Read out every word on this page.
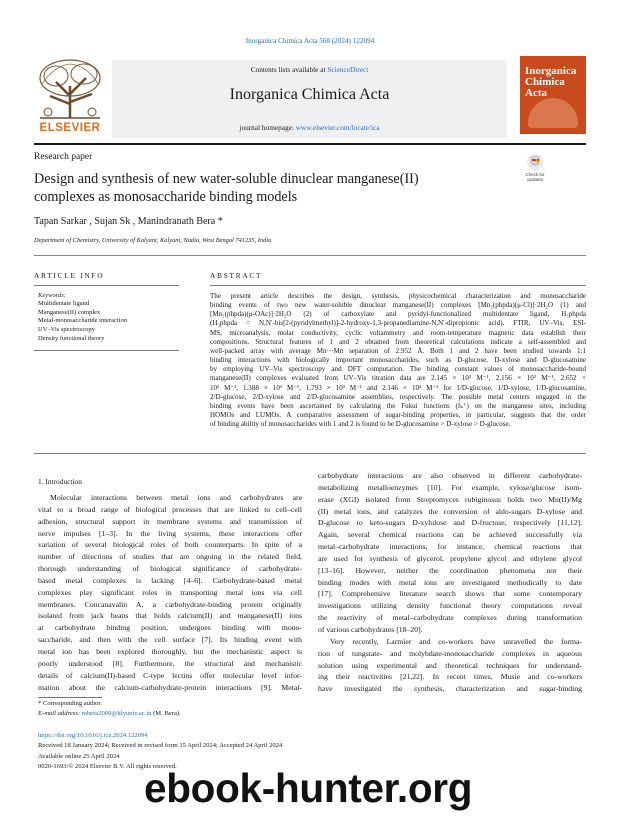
Inorganica Chimica Acta 568 (2024) 122094
ELSEVIER
Contents lists available at ScienceDirect
Inorganica Chimica Acta
journal homepage: www.elsevier.com/locate/ica
Inorganica Chimica Acta
Research paper
Design and synthesis of new water-soluble dinuclear manganese(II)
complexes as monosaccharide binding models
Check for updates
Tapan Sarkar , Sujan Sk , Manindranath Bera *
Department of Chemistry, University of Kalyani, Kalyani, Nadia, West Bengal 741235, India
ARTICLE INFO
Keywords:
Multidentate ligand
Manganese(II) complex
Metal-monosaccharide interaction
UV–Vis spectroscopy
Density functional theory
ABSTRACT
The present article describes the design, synthesis, physicochemical characterization and monosaccharide
binding events of two new water-soluble dinuclear manganese(II) complexes [Mn₂(phpda)(μ-Cl)]·2H₂O (1) and
[Mn₂(phpda)(μ-OAc)]·2H₂O (2) of carboxylate and pyridyl-functionalized multidentate ligand, H₃phpda
(H₃phpda = N,N′-bis[2-(pyridylmethyl)]-2-hydroxy-1,3-propanediamine-N,N′-dipropionic acid). FTIR, UV–Vis, ESI-
MS, microanalysis, molar conductivity, cyclic voltammetry and room-temperature magnetic data establish their
compositions. Structural features of 1 and 2 obtained from theoretical calculations indicate a self-assembled and
well-packed array with average Mn···Mn separation of 2.952 Å. Both 1 and 2 have been studied towards 1:1
binding interactions with biologically important monosaccharides, such as D-glucose, D-xylose and D-glucosamine
by employing UV–Vis spectroscopy and DFT computation. The binding constant values of monosaccharide-bound
manganese(II) complexes evaluated from UV–Vis titration data are 2.145 × 10³ M⁻¹, 2.156 × 10³ M⁻¹, 2.652 ×
10³ M⁻¹, 1.388 × 10³ M⁻¹, 1.793 × 10³ M⁻¹ and 2.146 × 10³ M⁻¹ for 1/D-glucose, 1/D-xylose, 1/D-glucosamine,
2/D-glucose, 2/D-xylose and 2/D-glucosamine assemblies, respectively. The possible metal centers engaged in the
binding events have been ascertained by calculating the Fukui functions (fₖ⁺) on the manganese sites, including
HOMOs and LUMOs. A comparative assessment of sugar-binding properties, in particular, suggests that the order
of binding ability of monosaccharides with 1 and 2 is found to be D-glucosamine > D-xylose > D-glucose.
1. Introduction
Molecular interactions between metal ions and carbohydrates are
vital to a broad range of biological processes that are linked to cell–cell
adhesion, structural support in membrane systems and transmission of
nerve impulses [1–3]. In the living systems, these interactions offer
variation of several biological roles of both counterparts. In spite of a
number of directions of studies that are ongoing in the related field,
thorough understanding of biological significance of carbohydrate-
based metal complexes is lacking [4–6]. Carbohydrate-based metal
complexes play significant roles in transporting metal ions via cell
membranes. Concanavalin A, a carbohydrate-binding protein originally
isolated from jack beans that holds calcium(II) and manganese(II) ions
at carbohydrate binding position, undergoes binding with mono-
saccharide, and then with the cell surface [7]. Its binding event with
metal ion has been explored thoroughly, but the mechanistic aspect is
poorly understood [8]. Furthermore, the structural and mechanistic
details of calcium(II)-based C-type lectins offer molecular level infor-
mation about the calcium-carbohydrate-protein interactions [9]. Metal-
carbohydrate interactions are also observed in different carbohydrate-
metabolizing metalloenzymes [10]. For example, xylose/glucose isom-
erase (XGI) isolated from Streptomyces rubiginosus holds two Mn(II)/Mg
(II) metal ions, and catalyzes the conversion of aldo-sugars D-xylose and
D-glucose to keto-sugars D-xylulose and D-fructose, respectively [11,12].
Again, several chemical reactions can be achieved successfully via
metal–carbohydrate interactions, for instance, chemical reactions that
are used for synthesis of glycerol, propylene glycol and ethylene glycol
[13–16]. However, neither the coordination phenomena nor their
binding modes with metal ions are investigated methodically to date
[17]. Comprehensive literature search shows that some contemporary
investigations utilizing density functional theory computations reveal
the reactivity of metal–carbohydrate complexes during transformation
of various carbohydrates [18–20].
Very recently, Larmier and co-workers have unravelled the forma-
tion of tungstate- and molybdate-monosaccharide complexes in aqueous
solution using experimental and theoretical techniques for understand-
ing their reactivities [21,22]. In recent times, Musie and co-workers
have investigated the synthesis, characterization and sugar-binding
* Corresponding author.
E-mail address: mbera2009@klyuniv.ac.in (M. Bera).
https://doi.org/10.1016/j.ica.2024.122094
Received 18 January 2024; Received in revised form 15 April 2024; Accepted 24 April 2024
Available online 25 April 2024
0020-1693/© 2024 Elsevier B.V. All rights reserved.
ebook-hunter.org
